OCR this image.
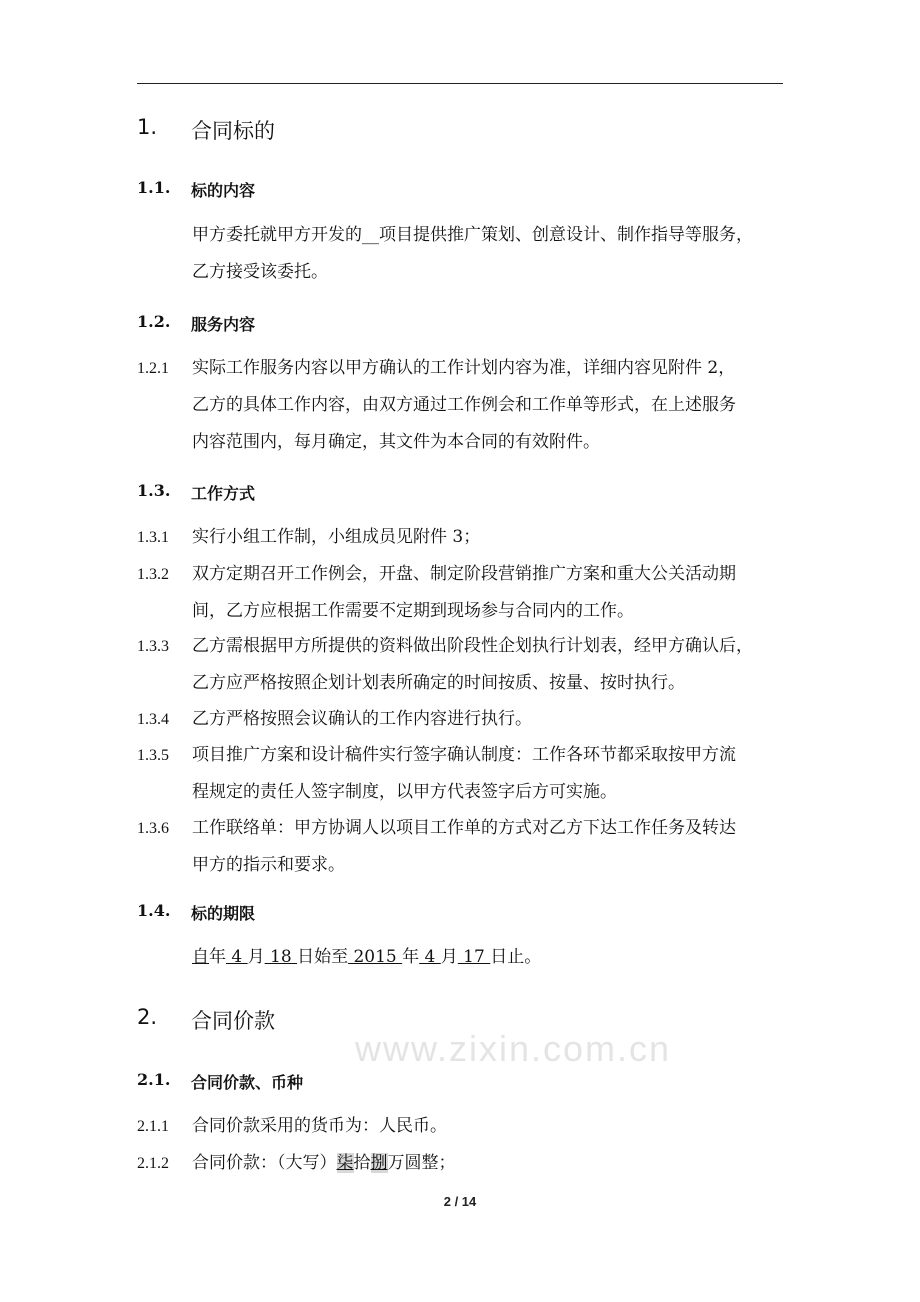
1. 合同标的
1.1. 标的内容
甲方委托就甲方开发的__项目提供推广策划、创意设计、制作指导等服务，
乙方接受该委托。
1.2. 服务内容
1.2.1 实际工作服务内容以甲方确认的工作计划内容为准，详细内容见附件 2，
乙方的具体工作内容，由双方通过工作例会和工作单等形式，在上述服务
内容范围内，每月确定，其文件为本合同的有效附件。
1.3. 工作方式
1.3.1 实行小组工作制，小组成员见附件 3；
1.3.2 双方定期召开工作例会，开盘、制定阶段营销推广方案和重大公关活动期
间，乙方应根据工作需要不定期到现场参与合同内的工作。
1.3.3 乙方需根据甲方所提供的资料做出阶段性企划执行计划表，经甲方确认后，
乙方应严格按照企划计划表所确定的时间按质、按量、按时执行。
1.3.4 乙方严格按照会议确认的工作内容进行执行。
1.3.5 项目推广方案和设计稿件实行签字确认制度：工作各环节都采取按甲方流
程规定的责任人签字制度，以甲方代表签字后方可实施。
1.3.6 工作联络单：甲方协调人以项目工作单的方式对乙方下达工作任务及转达
甲方的指示和要求。
1.4. 标的期限
自年 4 月 18 日始至 2015 年 4 月 17 日止。
2. 合同价款
www.zixin.com.cn
2.1. 合同价款、币种
2.1.1 合同价款采用的货币为：人民币。
2.1.2 合同价款：（大写）柒拾捌万圆整；
2 / 14
